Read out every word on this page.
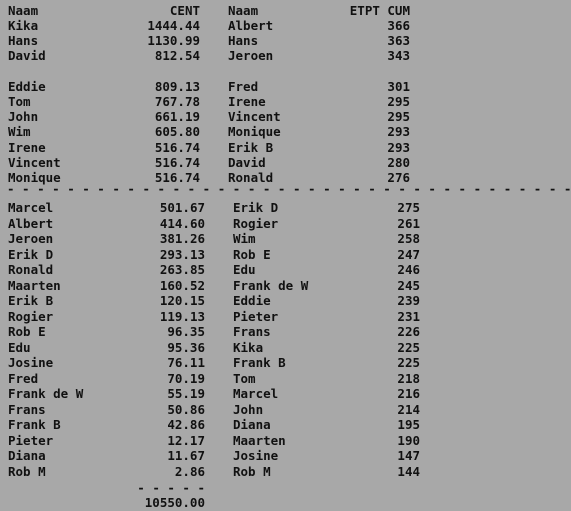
Naam	CENT Naam	ETPT CUM
Kika	1444.44
Hans	1130.99
David	812.54
Eddie	809.13
Tom	767.78
John	661.19
Wim	605.80
Irene	516.74
Vincent	516.74
Monique	516.74
Albert	366
Hans	363
Jeroen	343
Fred	301
Irene	295
Vincent	295
Monique	293
Erik B	293
David	280
Ronald	276
Marcel	501.67
Albert	414.60
Jeroen	381.26
Erik D	293.13
Ronald	263.85
Maarten	160.52
Erik B	120.15
Rogier	119.13
Rob E	96.35
Edu	95.36
Josine	76.11
Fred	70.19
Frank de W	55.19
Frans	50.86
Frank B	42.86
Pieter	12.17
Diana	11.67
Rob M	2.86
Erik D	275
Rogier	261
Wim	258
Rob E	247
Edu	246
Frank de W	245
Eddie	239
Pieter	231
Frans	226
Kika	225
Frank B	225
Tom	218
Marcel	216
John	214
Diana	195
Maarten	190
Josine	147
Rob M	144
- - - - - - - - - - - - - - - - - - - - - - - - - - - - - - - - - - - - - -
- - - - -
10550.00
